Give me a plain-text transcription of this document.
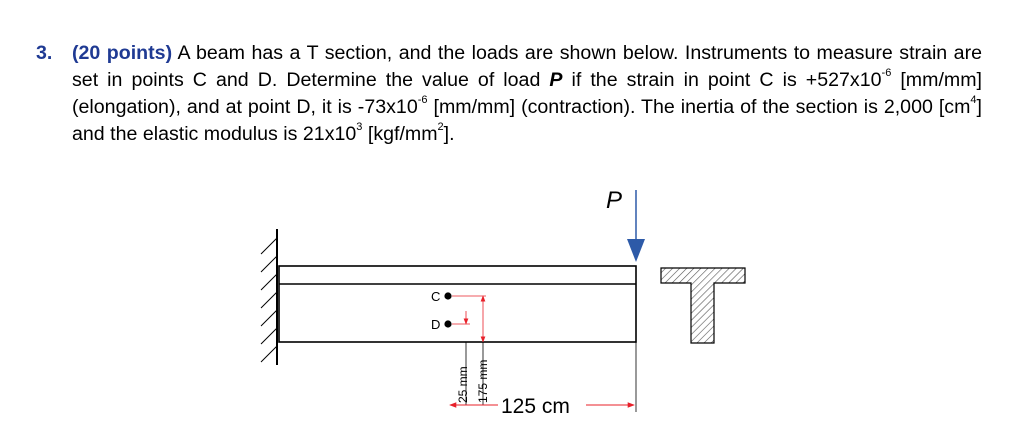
3. (20 points) A beam has a T section, and the loads are shown below. Instruments to measure strain are set in points C and D. Determine the value of load P if the strain in point C is $+527x10^{-6}$ [mm/mm] (elongation), and at point D, it is $-73x10^{-6}$ [mm/mm] (contraction). The inertia of the section is 2,000 $[cm^4]$ and the elastic modulus is $21x10^3$ $[kgf/mm^2]$.
P
C
D
25 mm 175 mm
125 cm
